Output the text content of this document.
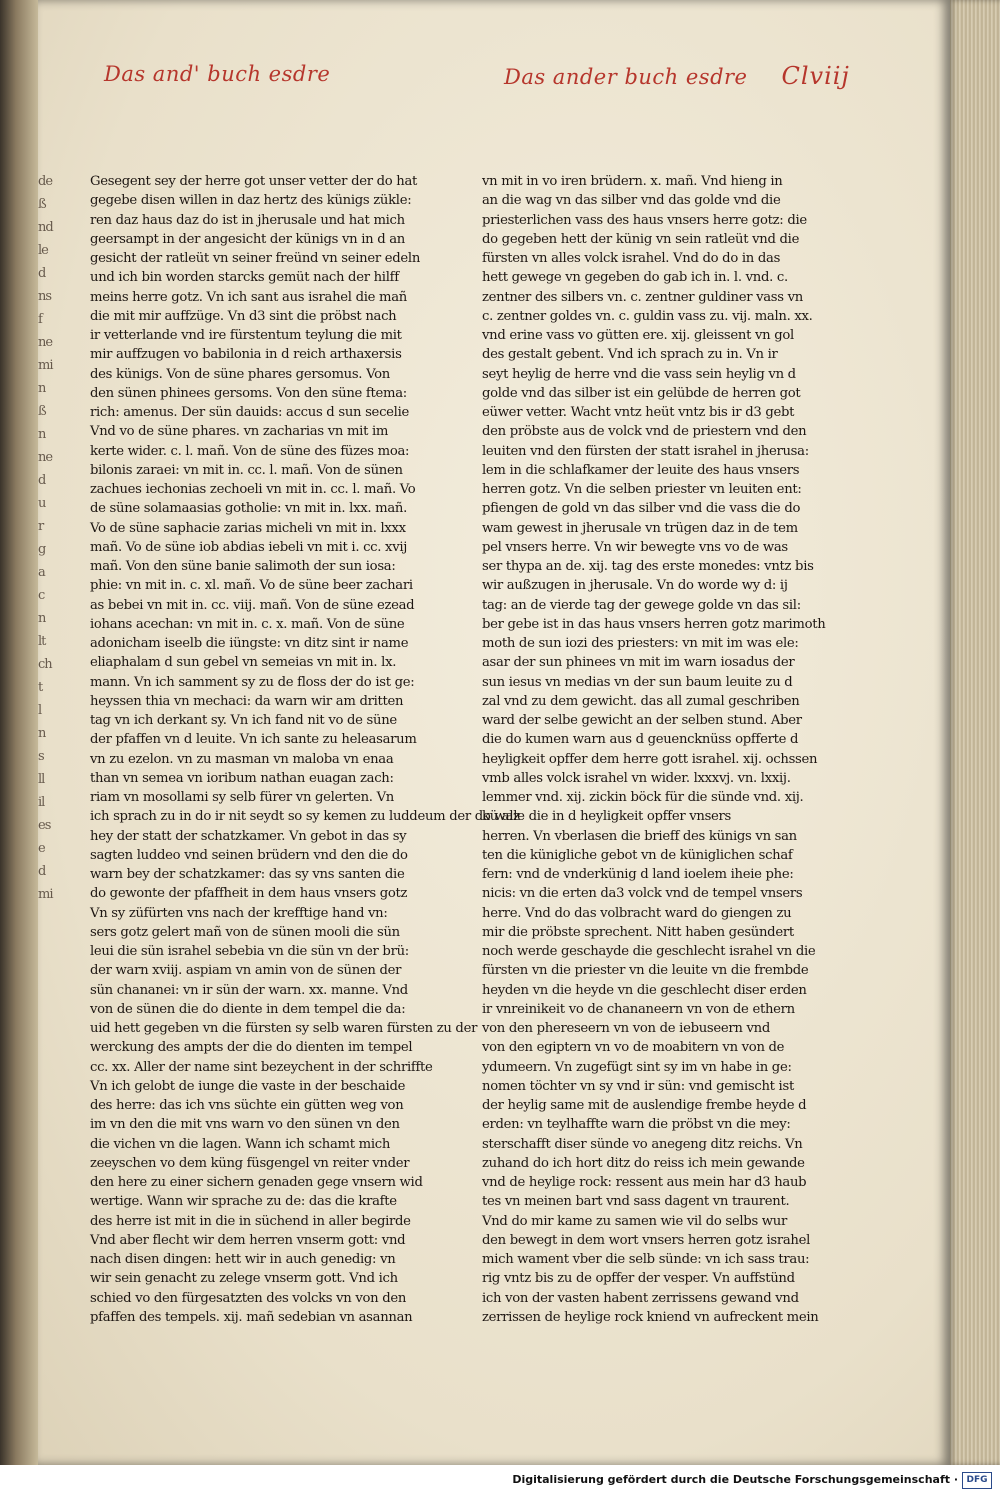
de
ß
nd
le
d
ns
f
ne
mi
n
ß
n
ne
d
u
r
g
a
c
n
lt
ch
t
l
n
s
ll
il
es
e
d
mi
Das and' buch esdre	Das ander buch esdre Clviij
Gesegent sey der herre got unser vetter der do hat
gegebe disen willen in daz hertz des künigs zükle:
ren daz haus daz do ist in jherusale und hat mich
geersampt in der angesicht der künigs vn in d an
gesicht der ratleüt vn seiner freünd vn seiner edeln
und ich bin worden starcks gemüt nach der hilff
meins herre gotz. Vn ich sant aus israhel die mañ
die mit mir auffzüge. Vn d3 sint die pröbst nach
ir vetterlande vnd ire fürstentum teylung die mit
mir auffzugen vo babilonia in d reich arthaxersis
des künigs. Von de süne phares gersomus. Von
den sünen phinees gersoms. Von den süne ftema:
rich: amenus. Der sün dauids: accus d sun secelie
Vnd vo de süne phares. vn zacharias vn mit im
kerte wider. c. l. mañ. Von de süne des füzes moa:
bilonis zaraei: vn mit in. cc. l. mañ. Von de sünen
zachues iechonias zechoeli vn mit in. cc. l. mañ. Vo
de süne solamaasias gotholie: vn mit in. lxx. mañ.
Vo de süne saphacie zarias micheli vn mit in. lxxx
mañ. Vo de süne iob abdias iebeli vn mit i. cc. xvij
mañ. Von den süne banie salimoth der sun iosa:
phie: vn mit in. c. xl. mañ. Vo de süne beer zachari
as bebei vn mit in. cc. viij. mañ. Von de süne ezead
iohans acechan: vn mit in. c. x. mañ. Von de süne
adonicham iseelb die iüngste: vn ditz sint ir name
eliaphalam d sun gebel vn semeias vn mit in. lx.
mann. Vn ich samment sy zu de floss der do ist ge:
heyssen thia vn mechaci: da warn wir am dritten
tag vn ich derkant sy. Vn ich fand nit vo de süne
der pfaffen vn d leuite. Vn ich sante zu heleasarum
vn zu ezelon. vn zu masman vn maloba vn enaa
than vn semea vn ioribum nathan euagan zach:
riam vn mosollami sy selb fürer vn gelerten. Vn
ich sprach zu in do ir nit seydt so sy kemen zu luddeum der do waz
hey der statt der schatzkamer. Vn gebot in das sy
sagten luddeo vnd seinen brüdern vnd den die do
warn bey der schatzkamer: das sy vns santen die
do gewonte der pfaffheit in dem haus vnsers gotz
Vn sy züfürten vns nach der krefftige hand vn:
sers gotz gelert mañ von de sünen mooli die sün
leui die sün israhel sebebia vn die sün vn der brü:
der warn xviij. aspiam vn amin von de sünen der
sün chananei: vn ir sün der warn. xx. manne. Vnd
von de sünen die do diente in dem tempel die da:
uid hett gegeben vn die fürsten sy selb waren fürsten zu der
werckung des ampts der die do dienten im tempel
cc. xx. Aller der name sint bezeychent in der schriffte
Vn ich gelobt de iunge die vaste in der beschaide
des herre: das ich vns süchte ein gütten weg von
im vn den die mit vns warn vo den sünen vn den
die vichen vn die lagen. Wann ich schamt mich
zeeyschen vo dem küng füsgengel vn reiter vnder
den here zu einer sichern genaden gege vnsern wid
wertige. Wann wir sprache zu de: das die krafte
des herre ist mit in die in süchend in aller begirde
Vnd aber flecht wir dem herren vnserm gott: vnd
nach disen dingen: hett wir in auch genedig: vn
wir sein genacht zu zelege vnserm gott. Vnd ich
schied vo den fürgesatzten des volcks vn von den
pfaffen des tempels. xij. mañ sedebian vn asannan
vn mit in vo iren brüdern. x. mañ. Vnd hieng in
an die wag vn das silber vnd das golde vnd die
priesterlichen vass des haus vnsers herre gotz: die
do gegeben hett der künig vn sein ratleüt vnd die
fürsten vn alles volck israhel. Vnd do do in das
hett gewege vn gegeben do gab ich in. l. vnd. c.
zentner des silbers vn. c. zentner guldiner vass vn
c. zentner goldes vn. c. guldin vass zu. vij. maln. xx.
vnd erine vass vo gütten ere. xij. gleissent vn gol
des gestalt gebent. Vnd ich sprach zu in. Vn ir
seyt heylig de herre vnd die vass sein heylig vn d
golde vnd das silber ist ein gelübde de herren got
eüwer vetter. Wacht vntz heüt vntz bis ir d3 gebt
den pröbste aus de volck vnd de priestern vnd den
leuiten vnd den fürsten der statt israhel in jherusa:
lem in die schlafkamer der leuite des haus vnsers
herren gotz. Vn die selben priester vn leuiten ent:
pfiengen de gold vn das silber vnd die vass die do
wam gewest in jherusale vn trügen daz in de tem
pel vnsers herre. Vn wir bewegte vns vo de was
ser thypa an de. xij. tag des erste monedes: vntz bis
wir außzugen in jherusale. Vn do worde wy d: ij
tag: an de vierde tag der gewege golde vn das sil:
ber gebe ist in das haus vnsers herren gotz marimoth
moth de sun iozi des priesters: vn mit im was ele:
asar der sun phinees vn mit im warn iosadus der
sun iesus vn medias vn der sun baum leuite zu d
zal vnd zu dem gewicht. das all zumal geschriben
ward der selbe gewicht an der selben stund. Aber
die do kumen warn aus d geuencknüss opfferte d
heyligkeit opffer dem herre gott israhel. xij. ochssen
vmb alles volck israhel vn wider. lxxxvj. vn. lxxij.
lemmer vnd. xij. zickin böck für die sünde vnd. xij.
kü alle die in d heyligkeit opffer vnsers
herren. Vn vberlasen die brieff des künigs vn san
ten die künigliche gebot vn de küniglichen schaf
fern: vnd de vnderkünig d land ioelem iheie phe:
nicis: vn die erten da3 volck vnd de tempel vnsers
herre. Vnd do das volbracht ward do giengen zu
mir die pröbste sprechent. Nitt haben gesündert
noch werde geschayde die geschlecht israhel vn die
fürsten vn die priester vn die leuite vn die frembde
heyden vn die heyde vn die geschlecht diser erden
ir vnreinikeit vo de chananeern vn von de ethern
von den phereseern vn von de iebuseern vnd
von den egiptern vn vo de moabitern vn von de
ydumeern. Vn zugefügt sint sy im vn habe in ge:
nomen töchter vn sy vnd ir sün: vnd gemischt ist
der heylig same mit de auslendige frembe heyde d
erden: vn teylhaffte warn die pröbst vn die mey:
sterschafft diser sünde vo anegeng ditz reichs. Vn
zuhand do ich hort ditz do reiss ich mein gewande
vnd de heylige rock: ressent aus mein har d3 haub
tes vn meinen bart vnd sass dagent vn traurent.
Vnd do mir kame zu samen wie vil do selbs wur
den bewegt in dem wort vnsers herren gotz israhel
mich wament vber die selb sünde: vn ich sass trau:
rig vntz bis zu de opffer der vesper. Vn auffstünd
ich von der vasten habent zerrissens gewand vnd
zerrissen de heylige rock kniend vn aufreckent mein
Digitalisierung gefördert durch die Deutsche Forschungsgemeinschaft · DFG
